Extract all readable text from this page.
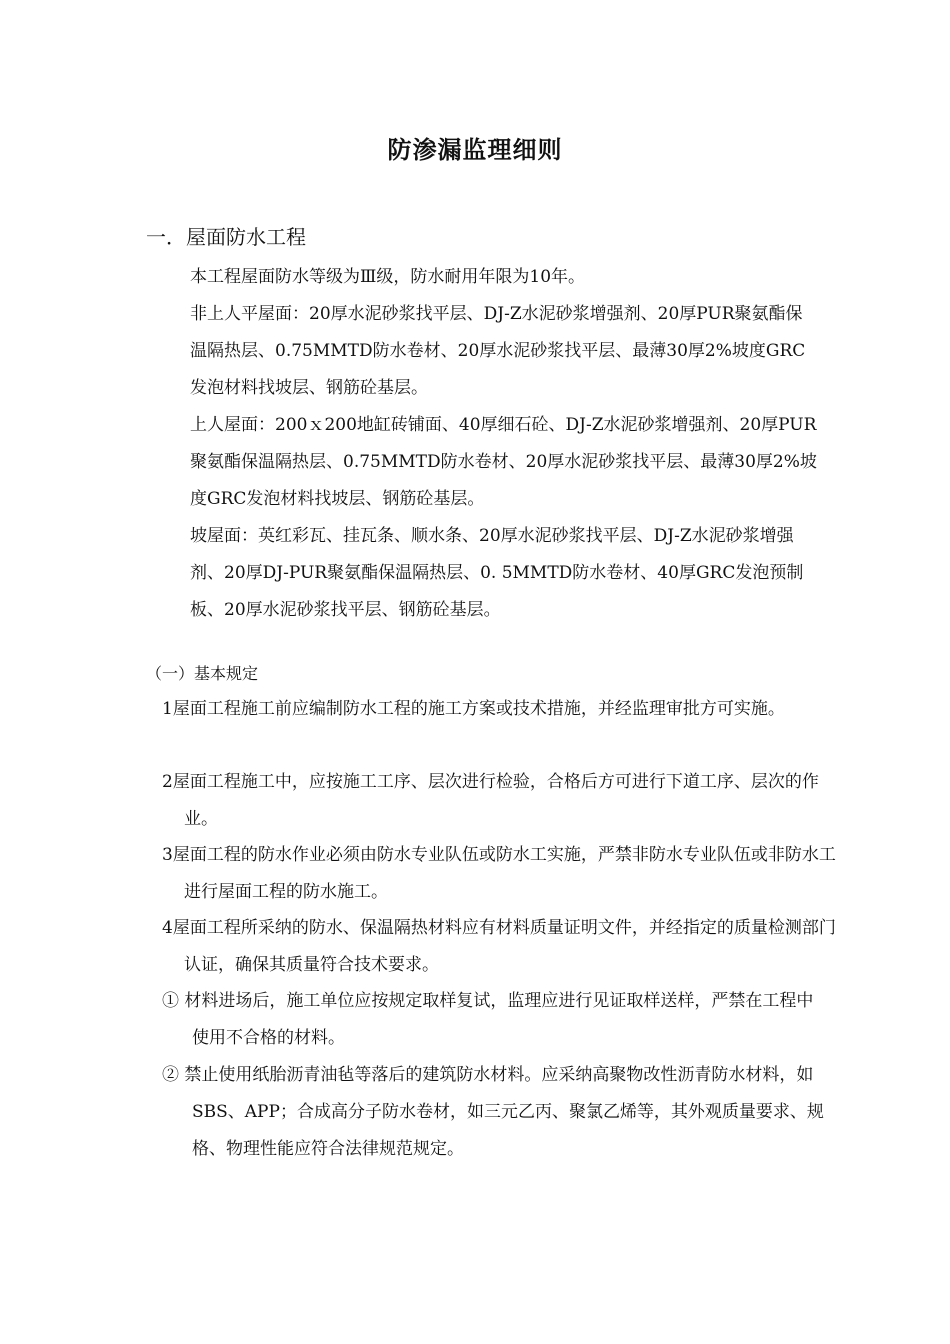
防渗漏监理细则
一．屋面防水工程

本工程屋面防水等级为Ⅲ级，防水耐用年限为10年。

非上人平屋面：20厚水泥砂浆找平层、DJ-Z水泥砂浆增强剂、20厚PUR聚氨酯保温隔热层、0.75MMTD防水卷材、20厚水泥砂浆找平层、最薄30厚2%坡度GRC发泡材料找坡层、钢筋砼基层。

上人屋面：200ｘ200地缸砖铺面、40厚细石砼、DJ-Z水泥砂浆增强剂、20厚PUR聚氨酯保温隔热层、0.75MMTD防水卷材、20厚水泥砂浆找平层、最薄30厚2%坡度GRC发泡材料找坡层、钢筋砼基层。

坡屋面：英红彩瓦、挂瓦条、顺水条、20厚水泥砂浆找平层、DJ-Z水泥砂浆增强剂、20厚DJ-PUR聚氨酯保温隔热层、0. 5MMTD防水卷材、40厚GRC发泡预制板、20厚水泥砂浆找平层、钢筋砼基层。

（一）基本规定

1屋面工程施工前应编制防水工程的施工方案或技术措施，并经监理审批方可实施。

2屋面工程施工中，应按施工工序、层次进行检验，合格后方可进行下道工序、层次的作业。

3屋面工程的防水作业必须由防水专业队伍或防水工实施，严禁非防水专业队伍或非防水工进行屋面工程的防水施工。

4屋面工程所采纳的防水、保温隔热材料应有材料质量证明文件，并经指定的质量检测部门认证，确保其质量符合技术要求。

① 材料进场后，施工单位应按规定取样复试，监理应进行见证取样送样，严禁在工程中使用不合格的材料。

② 禁止使用纸胎沥青油毡等落后的建筑防水材料。应采纳高聚物改性沥青防水材料，如SBS、APP；合成高分子防水卷材，如三元乙丙、聚氯乙烯等，其外观质量要求、规格、物理性能应符合法律规范规定。
